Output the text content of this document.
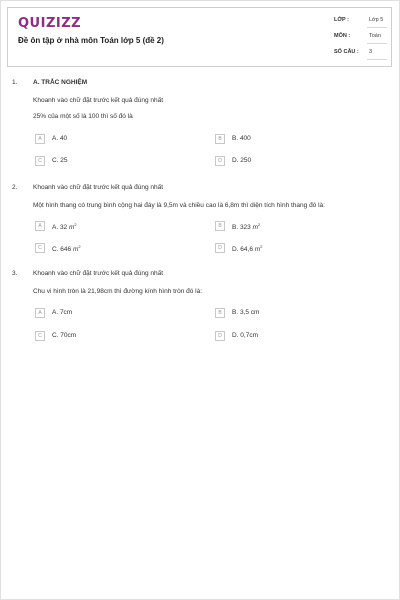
QUIZIZZ
Đề ôn tập ở nhà môn Toán lớp 5 (đề 2)
LỚP :	Lớp 5
MÔN :	Toán
SỐ CÂU : 3
1. A. TRẮC NGHIỆM
Khoanh vào chữ đặt trước kết quả đúng nhất
25% của một số là 100 thì số đó là
A	A. 40	B	B. 400
C	C. 25	D	D. 250
2. Khoanh vào chữ đặt trước kết quả đúng nhất
Một hình thang có trung bình cộng hai đáy là 9,5m và chiều cao là 6,8m thì diện tích hình thang đó là:
A	A. 32 $m^2$	B	B. 323 $m^2$
C	C. 646 $m^2$	D	D. 64,6 $m^2$
3. Khoanh vào chữ đặt trước kết quả đúng nhất
Chu vi hình tròn là 21,98cm thì đường kính hình tròn đó là:
A	A. 7cm	B	B. 3,5 cm
C	C. 70cm	D	D. 0,7cm
